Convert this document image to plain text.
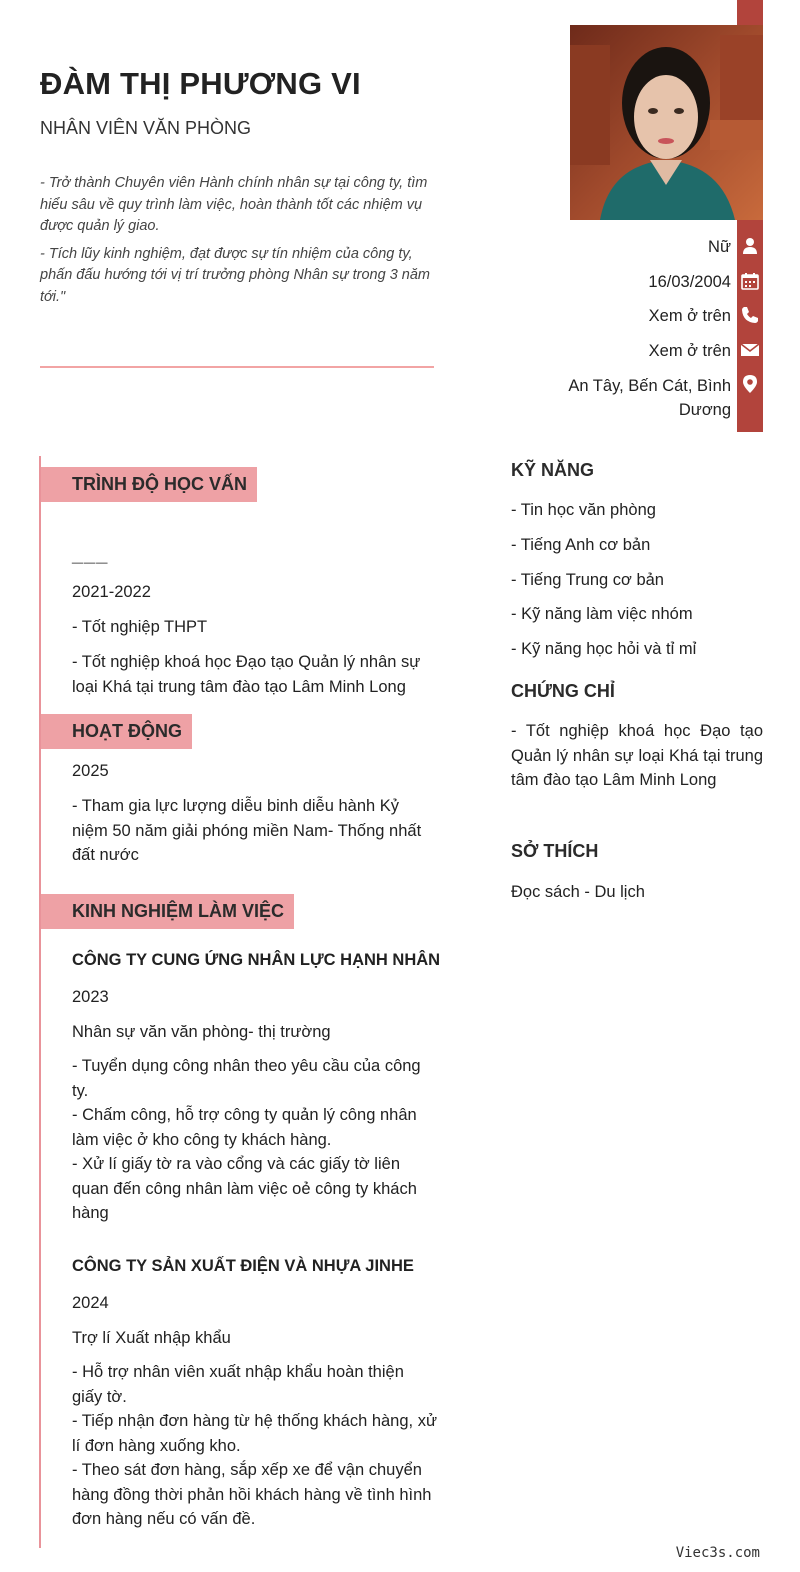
ĐÀM THỊ PHƯƠNG VI
NHÂN VIÊN VĂN PHÒNG

- Trở thành Chuyên viên Hành chính nhân sự tại công ty, tìm hiểu sâu về quy trình làm việc, hoàn thành tốt các nhiệm vụ được quản lý giao.

- Tích lũy kinh nghiệm, đạt được sự tín nhiệm của công ty, phấn đấu hướng tới vị trí trưởng phòng Nhân sự trong 3 năm tới."

Nữ
16/03/2004
Xem ở trên
Xem ở trên
An Tây, Bến Cát, Bình Dương
TRÌNH ĐỘ HỌC VẤN
___
2021-2022
- Tốt nghiệp THPT
- Tốt nghiệp khoá học Đạo tạo Quản lý nhân sự loại Khá tại trung tâm đào tạo Lâm Minh Long
HOẠT ĐỘNG
2025
- Tham gia lực lượng diễu binh diễu hành Kỷ niệm 50 năm giải phóng miền Nam- Thống nhất đất nước
KINH NGHIỆM LÀM VIỆC
CÔNG TY CUNG ỨNG NHÂN LỰC HẠNH NHÂN
2023
Nhân sự văn văn phòng- thị trường
- Tuyển dụng công nhân theo yêu cầu của công ty.
- Chấm công, hỗ trợ công ty quản lý công nhân làm việc ở kho công ty khách hàng.
- Xử lí giấy tờ ra vào cổng và các giấy tờ liên quan đến công nhân làm việc oẻ công ty khách hàng
CÔNG TY SẢN XUẤT ĐIỆN VÀ NHỰA JINHE
2024
Trợ lí Xuất nhập khẩu
- Hỗ trợ nhân viên xuất nhập khẩu hoàn thiện giấy tờ.
- Tiếp nhận đơn hàng từ hệ thống khách hàng, xử lí đơn hàng xuống kho.
- Theo sát đơn hàng, sắp xếp xe để vận chuyển hàng đồng thời phản hồi khách hàng về tình hình đơn hàng nếu có vấn đề.
KỸ NĂNG
- Tin học văn phòng
- Tiếng Anh cơ bản
- Tiếng Trung cơ bản
- Kỹ năng làm việc nhóm
- Kỹ năng học hỏi và tỉ mỉ
CHỨNG CHỈ
- Tốt nghiệp khoá học Đạo tạo Quản lý nhân sự loại Khá tại trung tâm đào tạo Lâm Minh Long
SỞ THÍCH
Đọc sách - Du lịch
Viec3s.com
